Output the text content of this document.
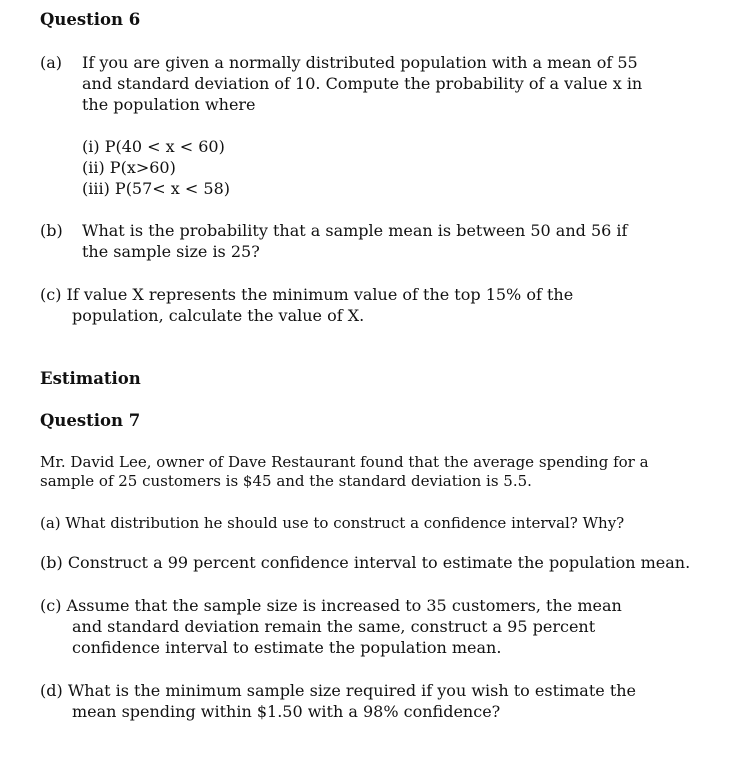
Question 6
(a) If you are given a normally distributed population with a mean of 55 and standard deviation of 10. Compute the probability of a value x in the population where

(i) P(40 < x < 60)

(ii) P(x>60)

(iii) P(57< x < 58)

(b) What is the probability that a sample mean is between 50 and 56 if the sample size is 25?

(c) If value X represents the minimum value of the top 15% of the population, calculate the value of X.

Estimation
Question 7

Mr. David Lee, owner of Dave Restaurant found that the average spending for a sample of 25 customers is $45 and the standard deviation is 5.5.

(a) What distribution he should use to construct a confidence interval? Why?

(b) Construct a 99 percent confidence interval to estimate the population mean.

(c) Assume that the sample size is increased to 35 customers, the mean and standard deviation remain the same, construct a 95 percent confidence interval to estimate the population mean.

(d) What is the minimum sample size required if you wish to estimate the mean spending within $1.50 with a 98% confidence?
